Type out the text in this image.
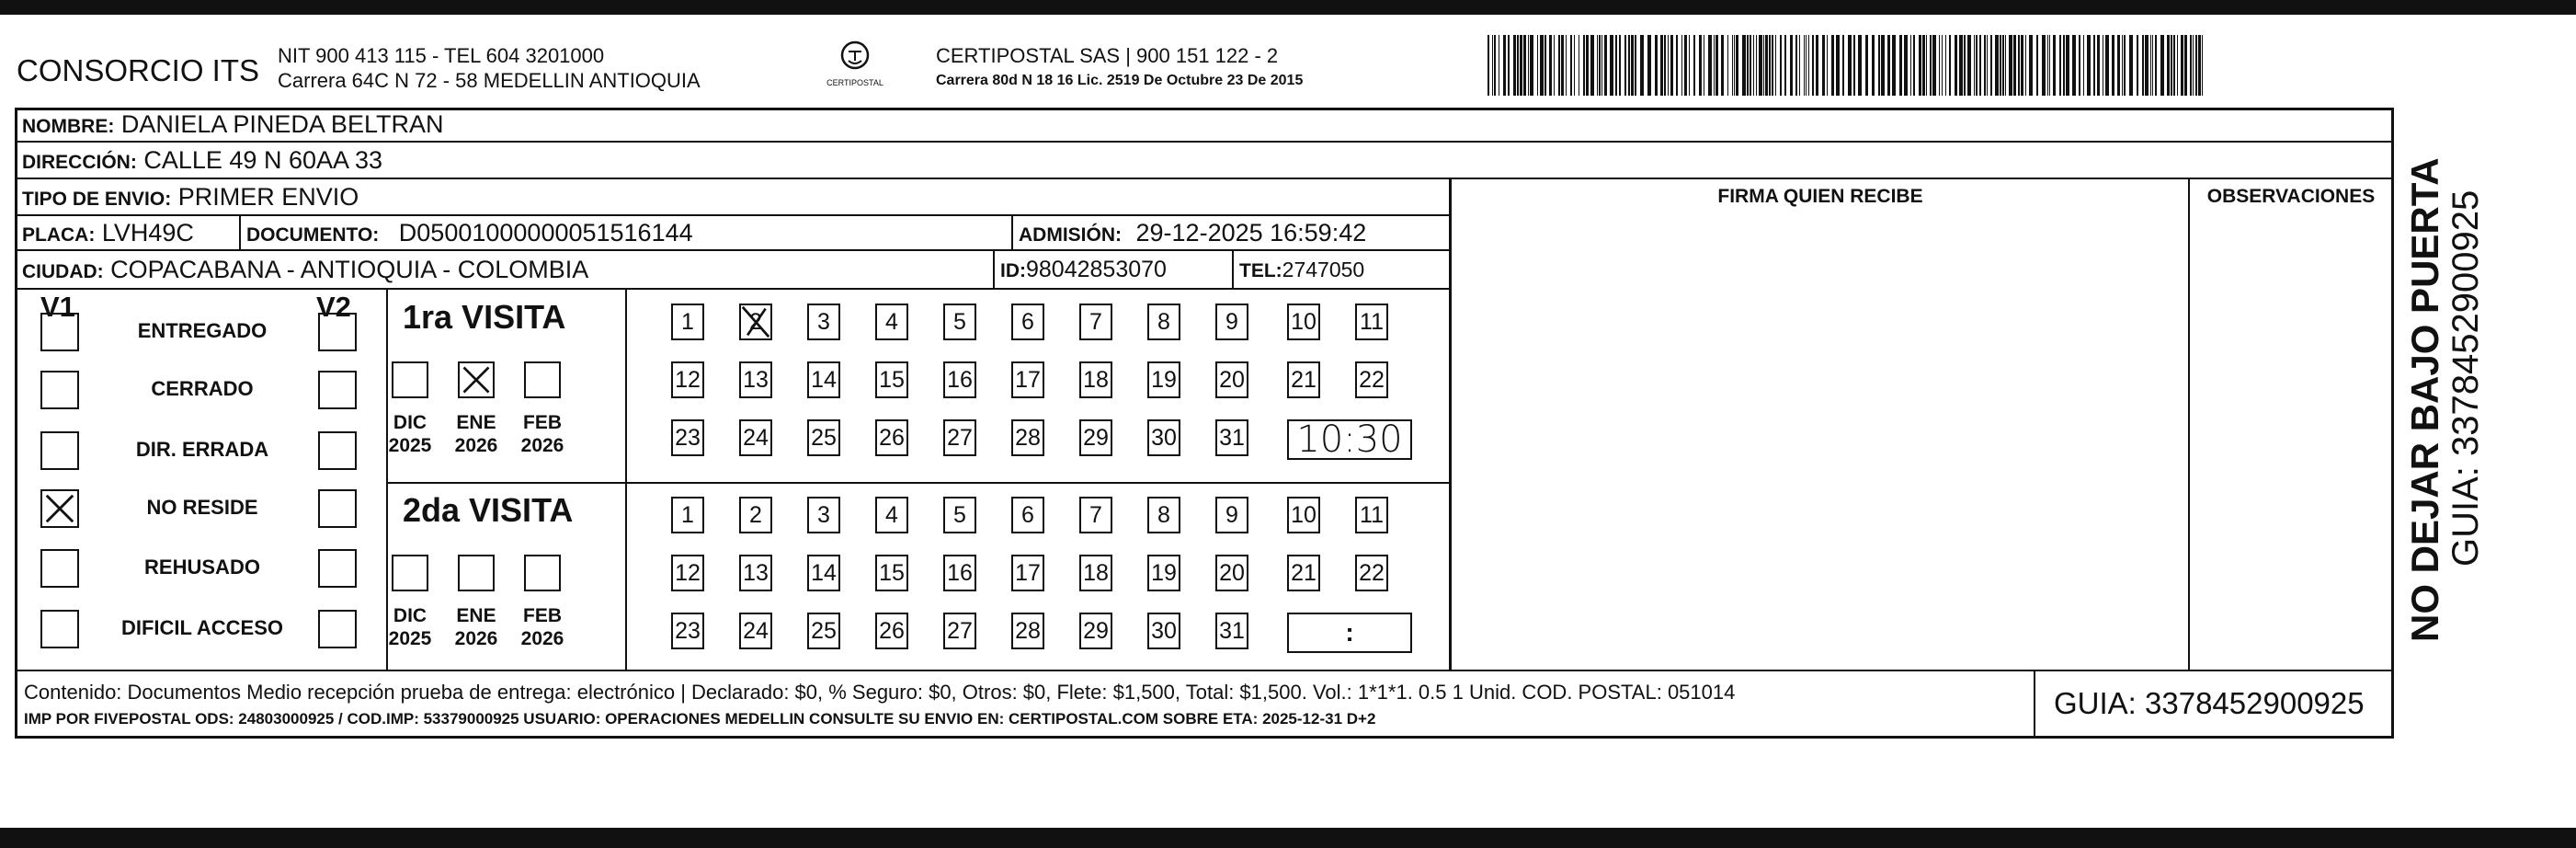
CONSORCIO ITS NIT 900 413 115 - TEL 604 3201000
Carrera 64C N 72 - 58 MEDELLIN ANTIOQUIA	CERTIPOSTAL
CERTIPOSTAL SAS | 900 151 122 - 2
Carrera 80d N 18 16 Lic. 2519 De Octubre 23 De 2015
NOMBRE: DANIELA PINEDA BELTRAN
DIRECCIÓN: CALLE 49 N 60AA 33
TIPO DE ENVIO: PRIMER ENVIO
PLACA: LVH49C	DOCUMENTO: D05001000000051516144	ADMISIÓN: 29-12-2025 16:59:42
CIUDAD: COPACABANA - ANTIOQUIA - COLOMBIA	ID:98042853070	TEL:2747050
FIRMA QUIEN RECIBE	OBSERVACIONES
V1	V2
ENTREGADO
CERRADO
DIR. ERRADA
NO RESIDE
REHUSADO
DIFICIL ACCESO
1ra VISITA
DIC
2025
ENE
2026
FEB
2026
1	2	3	4	5	6	7	8	9	10 11
12 13 14 15 16 17 18 19 20 21 22
23 24 25 26 27 28 29 30 31 10:30
2da VISITA
DIC
2025
ENE
2026
FEB
2026
1	2	3	4	5	6	7	8	9	10 11
12 13 14 15 16 17 18 19 20 21 22
23 24 25 26 27 28 29 30 31	:
Contenido: Documentos Medio recepción prueba de entrega: electrónico | Declarado: $0, % Seguro: $0, Otros: $0, Flete: $1,500, Total: $1,500. Vol.: 1*1*1. 0.5 1 Unid. COD. POSTAL: 051014
IMP POR FIVEPOSTAL ODS: 24803000925 / COD.IMP: 53379000925 USUARIO: OPERACIONES MEDELLIN CONSULTE SU ENVIO EN: CERTIPOSTAL.COM SOBRE ETA: 2025-12-31 D+2	GUIA: 3378452900925
NO DEJAR BAJO PUERTA GUIA: 3378452900925
